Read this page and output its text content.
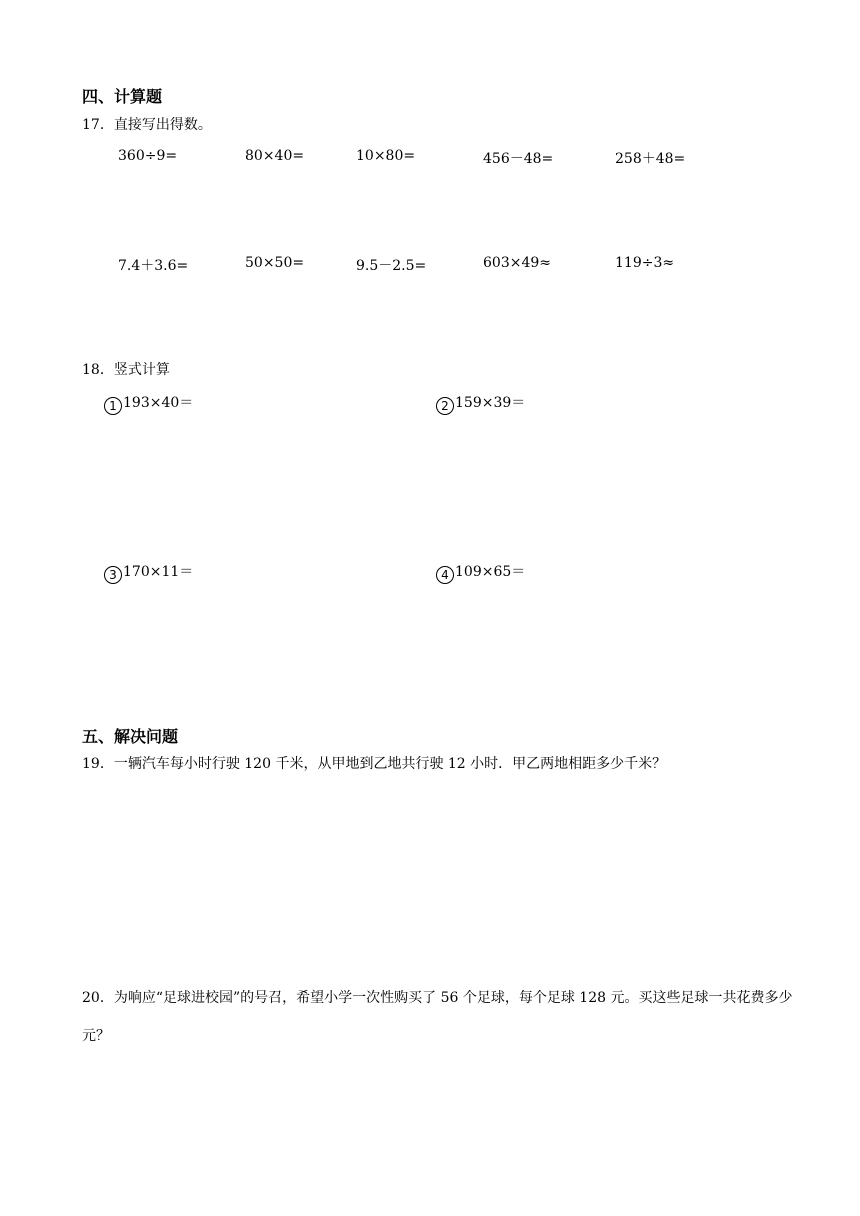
四、计算题
17．直接写出得数。
360÷9=	80×40=	10×80=	456－48=	258＋48=
7.4＋3.6=	50×50=	9.5－2.5=	603×49≈	119÷3≈
18．竖式计算
1 193×40＝	2 159×39＝
3 170×11＝	4 109×65＝
五、解决问题
19．一辆汽车每小时行驶 120 千米，从甲地到乙地共行驶 12 小时．甲乙两地相距多少千米？
20．为响应“足球进校园”的号召，希望小学一次性购买了 56 个足球，每个足球 128 元。买这些足球一共花费多少元？
